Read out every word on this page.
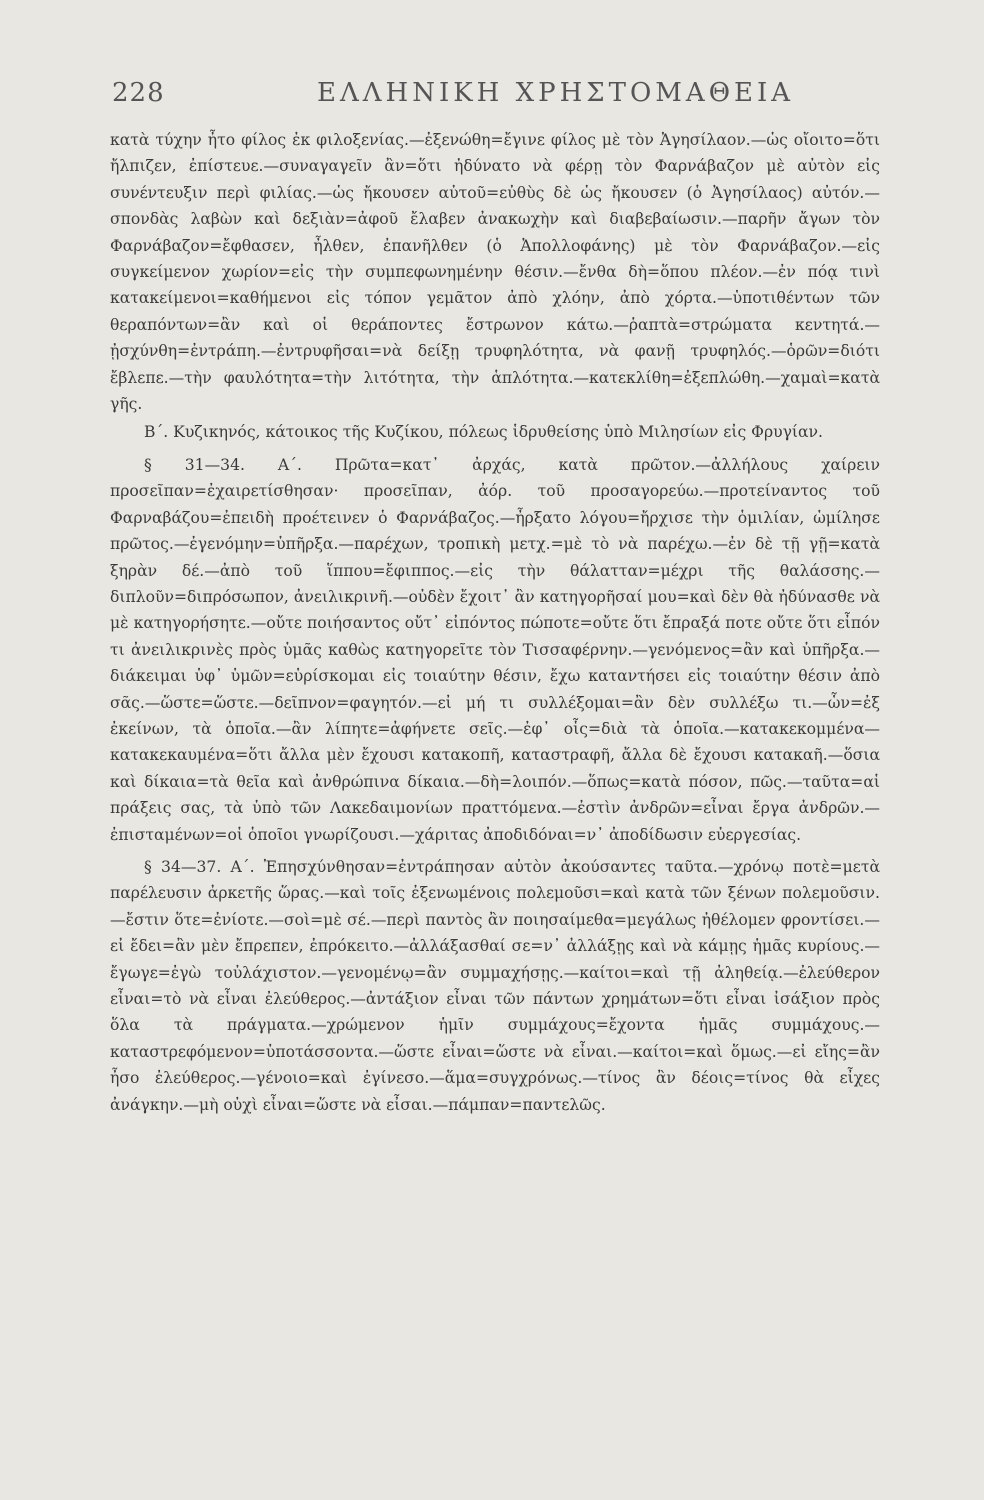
228	ΕΛΛΗΝΙΚΗ ΧΡΗΣΤΟΜΑΘΕΙΑ

κατὰ τύχην ἦτο φίλος ἐκ φιλοξενίας.—ἐξενώθη=ἔγινε φίλος μὲ τὸν Ἀγησίλαον.—ὡς οἴοιτο=ὅτι ἤλπιζεν, ἐπίστευε.—συναγαγεῖν ἂν=ὅτι ἠδύνατο νὰ φέρῃ τὸν Φαρνάβαζον μὲ αὐτὸν εἰς συνέντευξιν περὶ φιλίας.—ὡς ἤκουσεν αὐτοῦ=εὐθὺς δὲ ὡς ἤκουσεν (ὁ Ἀγησίλαος) αὐτόν.—σπονδὰς λαβὼν καὶ δεξιὰν=ἀφοῦ ἔλαβεν ἀνακωχὴν καὶ διαβεβαίωσιν.—παρῆν ἄγων τὸν Φαρνάβαζον=ἔφθασεν, ἦλθεν, ἐπανῆλθεν (ὁ Ἀπολλοφάνης) μὲ τὸν Φαρνάβαζον.—εἰς συγκείμενον χωρίον=εἰς τὴν συμπεφωνημένην θέσιν.—ἔνθα δὴ=ὅπου πλέον.—ἐν πόᾳ τινὶ κατακείμενοι=καθήμενοι εἰς τόπον γεμᾶτον ἀπὸ χλόην, ἀπὸ χόρτα.—ὑποτιθέντων τῶν θεραπόντων=ἂν καὶ οἱ θεράποντες ἔστρωνον κάτω.—ῥαπτὰ=στρώματα κεντητά.—ᾐσχύνθη=ἐντράπη.—ἐντρυφῆσαι=νὰ δείξῃ τρυφηλότητα, νὰ φανῇ τρυφηλός.—ὁρῶν=διότι ἔβλεπε.—τὴν φαυλότητα=τὴν λιτότητα, τὴν ἁπλότητα.—κατεκλίθη=ἐξεπλώθη.—χαμαὶ=κατὰ γῆς.

Β΄. Κυζικηνός, κάτοικος τῆς Κυζίκου, πόλεως ἱδρυθείσης ὑπὸ Μιλησίων εἰς Φρυγίαν.

§ 31—34. Α΄. Πρῶτα=κατ᾽ ἀρχάς, κατὰ πρῶτον.—ἀλλήλους χαίρειν προσεῖπαν=ἐχαιρετίσθησαν· προσεῖπαν, ἀόρ. τοῦ προσαγορεύω.—προτείναντος τοῦ Φαρναβάζου=ἐπειδὴ προέτεινεν ὁ Φαρνάβαζος.—ἦρξατο λόγου=ἤρχισε τὴν ὁμιλίαν, ὡμίλησε πρῶτος.—ἐγενόμην=ὑπῆρξα.—παρέχων, τροπικὴ μετχ.=μὲ τὸ νὰ παρέχω.—ἐν δὲ τῇ γῇ=κατὰ ξηρὰν δέ.—ἀπὸ τοῦ ἵππου=ἔφιππος.—εἰς τὴν θάλατταν=μέχρι τῆς θαλάσσης.—διπλοῦν=διπρόσωπον, ἀνειλικρινῆ.—οὐδὲν ἔχοιτ᾽ ἂν κατηγορῆσαί μου=καὶ δὲν θὰ ἠδύνασθε νὰ μὲ κατηγορήσητε.—οὔτε ποιήσαντος οὔτ᾽ εἰπόντος πώποτε=οὔτε ὅτι ἔπραξά ποτε οὔτε ὅτι εἶπόν τι ἀνειλικρινὲς πρὸς ὑμᾶς καθὼς κατηγορεῖτε τὸν Τισσαφέρνην.—γενόμενος=ἂν καὶ ὑπῆρξα.—διάκειμαι ὑφ᾽ ὑμῶν=εὑρίσκομαι εἰς τοιαύτην θέσιν, ἔχω καταντήσει εἰς τοιαύτην θέσιν ἀπὸ σᾶς.—ὥστε=ὥστε.—δεῖπνον=φαγητόν.—εἰ μή τι συλλέξομαι=ἂν δὲν συλλέξω τι.—ὧν=ἐξ ἐκείνων, τὰ ὁποῖα.—ἂν λίπητε=ἀφήνετε σεῖς.—ἐφ᾽ οἷς=διὰ τὰ ὁποῖα.—κατακεκομμένα—κατακεκαυμένα=ὅτι ἄλλα μὲν ἔχουσι κατακοπῆ, καταστραφῆ, ἄλλα δὲ ἔχουσι κατακαῆ.—ὅσια καὶ δίκαια=τὰ θεῖα καὶ ἀνθρώπινα δίκαια.—δὴ=λοιπόν.—ὅπως=κατὰ πόσον, πῶς.—ταῦτα=αἱ πράξεις σας, τὰ ὑπὸ τῶν Λακεδαιμονίων πραττόμενα.—ἐστὶν ἀνδρῶν=εἶναι ἔργα ἀνδρῶν.—ἐπισταμένων=οἱ ὁποῖοι γνωρίζουσι.—χάριτας ἀποδιδόναι=ν᾽ ἀποδίδωσιν εὐεργεσίας.

§ 34—37. Α΄. Ἐπησχύνθησαν=ἐντράπησαν αὐτὸν ἀκούσαντες ταῦτα.—χρόνῳ ποτὲ=μετὰ παρέλευσιν ἀρκετῆς ὥρας.—καὶ τοῖς ἐξενωμένοις πολεμοῦσι=καὶ κατὰ τῶν ξένων πολεμοῦσιν.—ἔστιν ὅτε=ἐνίοτε.—σοὶ=μὲ σέ.—περὶ παντὸς ἂν ποιησαίμεθα=μεγάλως ἠθέλομεν φροντίσει.—εἰ ἔδει=ἂν μὲν ἔπρεπεν, ἐπρόκειτο.—ἀλλάξασθαί σε=ν᾽ ἀλλάξῃς καὶ νὰ κάμῃς ἡμᾶς κυρίους.—ἔγωγε=ἐγὼ τοὐλάχιστον.—γενομένῳ=ἂν συμμαχήσῃς.—καίτοι=καὶ τῇ ἀληθείᾳ.—ἐλεύθερον εἶναι=τὸ νὰ εἶναι ἐλεύθερος.—ἀντάξιον εἶναι τῶν πάντων χρημάτων=ὅτι εἶναι ἰσάξιον πρὸς ὅλα τὰ πράγματα.—χρώμενον ἡμῖν συμμάχους=ἔχοντα ἡμᾶς συμμάχους.—καταστρεφόμενον=ὑποτάσσοντα.—ὥστε εἶναι=ὥστε νὰ εἶναι.—καίτοι=καὶ ὅμως.—εἰ εἴης=ἂν ἦσο ἐλεύθερος.—γένοιο=καὶ ἐγίνεσο.—ἅμα=συγχρόνως.—τίνος ἂν δέοις=τίνος θὰ εἶχες ἀνάγκην.—μὴ οὐχὶ εἶναι=ὥστε νὰ εἶσαι.—πάμπαν=παντελῶς.
